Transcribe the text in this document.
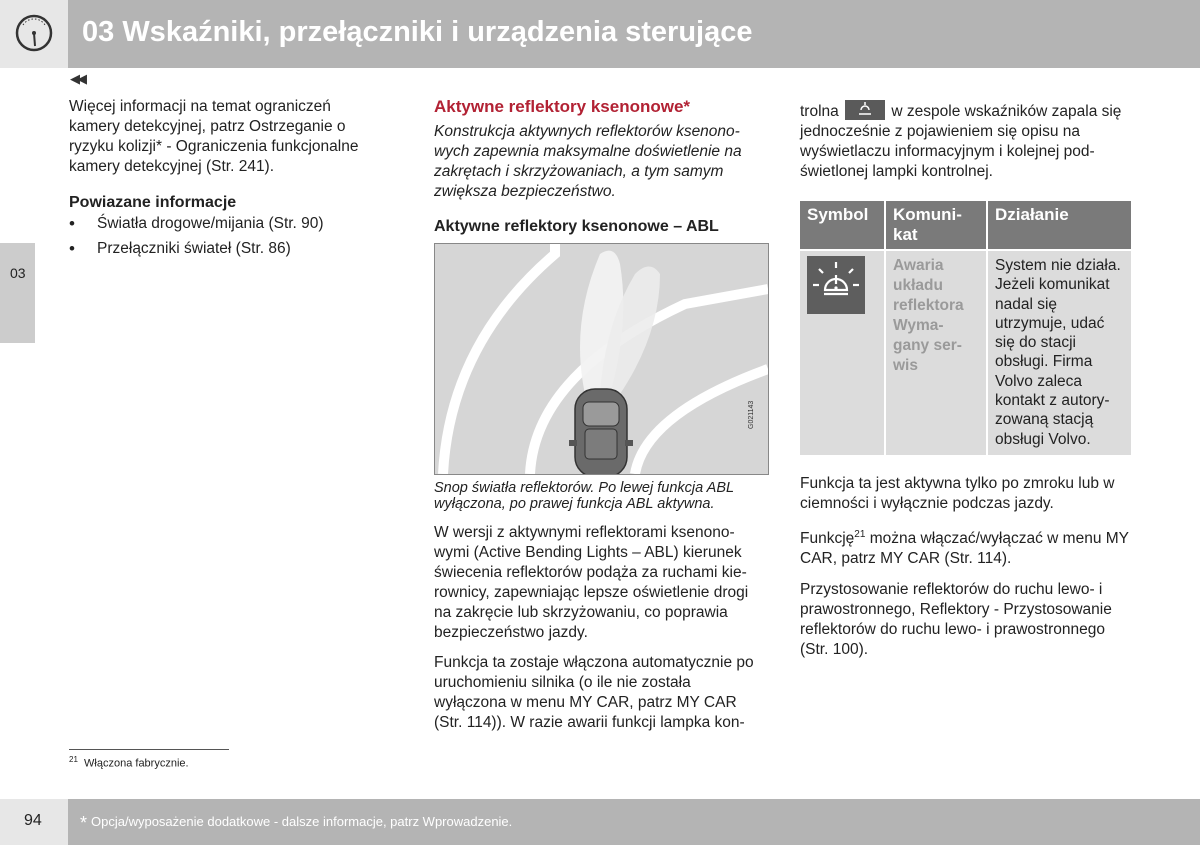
03 Wskaźniki, przełączniki i urządzenia sterujące
◀◀
03

Więcej informacji na temat ograniczeń kamery detekcyjnej, patrz Ostrzeganie o ryzyku kolizji* - Ograniczenia funkcjonalne kamery detekcyjnej (Str. 241).

Powiazane informacje
• Światła drogowe/mijania (Str. 90)
• Przełączniki świateł (Str. 86)
Aktywne reflektory ksenonowe*

Konstrukcja aktywnych reflektorów ksenono-wych zapewnia maksymalne doświetlenie na zakrętach i skrzyżowaniach, a tym samym zwiększa bezpieczeństwo.

Aktywne reflektory ksenonowe – ABL
G021143

Snop światła reflektorów. Po lewej funkcja ABL wyłączona, po prawej funkcja ABL aktywna.

W wersji z aktywnymi reflektorami ksenono-wymi (Active Bending Lights – ABL) kierunek świecenia reflektorów podąża za ruchami kie-rownicy, zapewniając lepsze oświetlenie drogi na zakręcie lub skrzyżowaniu, co poprawia bezpieczeństwo jazdy.

Funkcja ta zostaje włączona automatycznie po uruchomieniu silnika (o ile nie została wyłączona w menu MY CAR, patrz MY CAR (Str. 114)). W razie awarii funkcji lampka kon-

trolna	w zespole wskaźników zapala się jednocześnie z pojawieniem się opisu na wyświetlaczu informacyjnym i kolejnej pod-świetlonej lampki kontrolnej.

Symbol	Komuni-kat	Działanie
	Awaria układu reflektora Wyma-gany ser-wis	System nie działa. Jeżeli komunikat nadal się utrzymuje, udać się do stacji obsługi. Firma Volvo zaleca kontakt z autory-zowaną stacją obsługi Volvo.

Funkcja ta jest aktywna tylko po zmroku lub w ciemności i wyłącznie podczas jazdy.

Funkcję$^{21}$ można włączać/wyłączać w menu MY CAR, patrz MY CAR (Str. 114).

Przystosowanie reflektorów do ruchu lewo- i prawostronnego, Reflektory - Przystosowanie reflektorów do ruchu lewo- i prawostronnego (Str. 100).

$^{21}$ Włączona fabrycznie.
94 * Opcja/wyposażenie dodatkowe - dalsze informacje, patrz Wprowadzenie.
